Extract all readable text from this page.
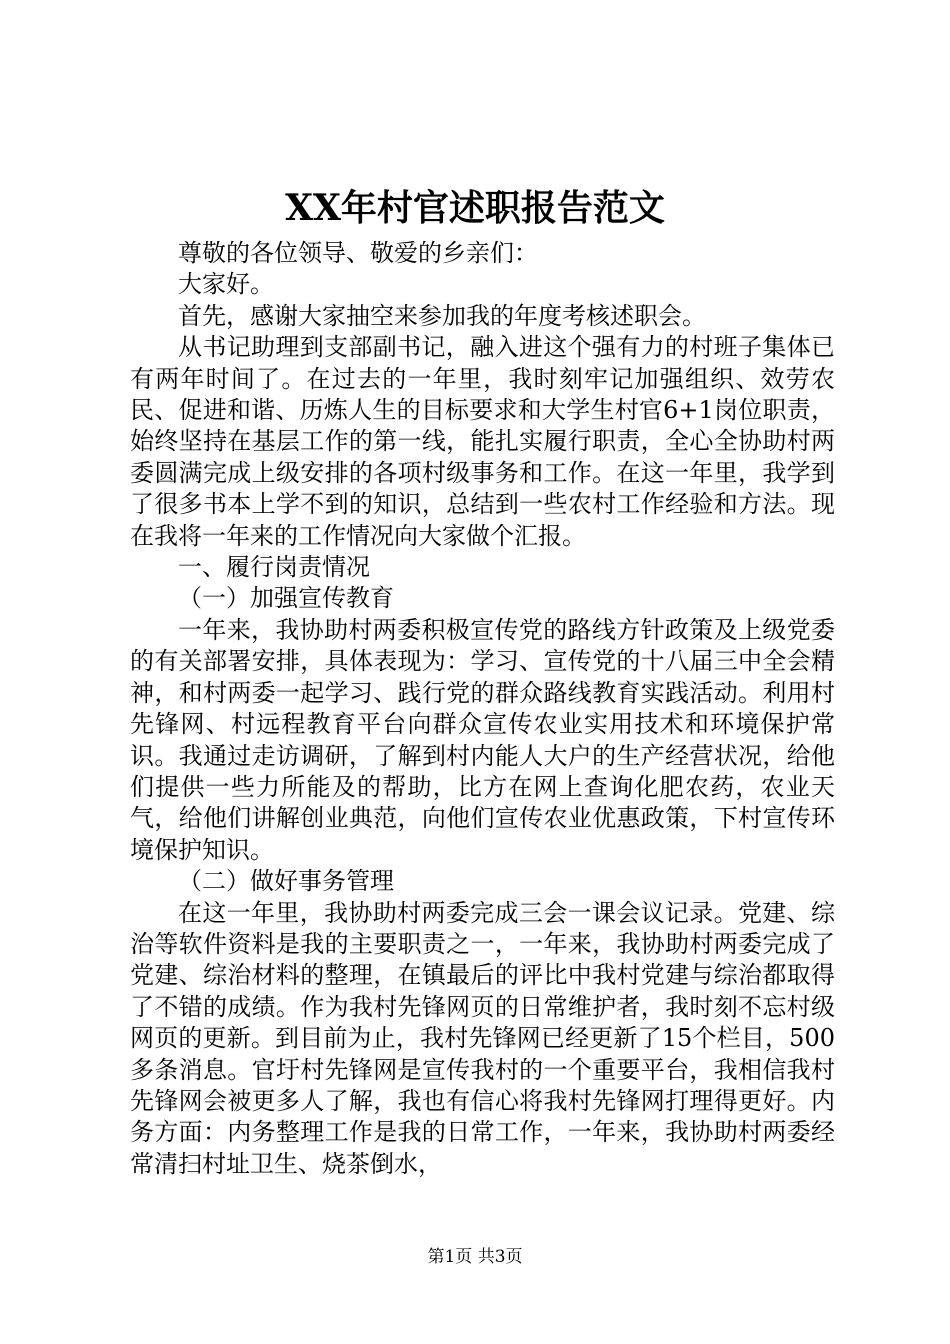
XX年村官述职报告范文

尊敬的各位领导、敬爱的乡亲们：

大家好。

首先，感谢大家抽空来参加我的年度考核述职会。

从书记助理到支部副书记，融入进这个强有力的村班子集体已有两年时间了。在过去的一年里，我时刻牢记加强组织、效劳农民、促进和谐、历炼人生的目标要求和大学生村官6+1岗位职责，始终坚持在基层工作的第一线，能扎实履行职责，全心全协助村两委圆满完成上级安排的各项村级事务和工作。在这一年里，我学到了很多书本上学不到的知识，总结到一些农村工作经验和方法。现在我将一年来的工作情况向大家做个汇报。

一、履行岗责情况

（一）加强宣传教育

一年来，我协助村两委积极宣传党的路线方针政策及上级党委的有关部署安排，具体表现为：学习、宣传党的十八届三中全会精神，和村两委一起学习、践行党的群众路线教育实践活动。利用村先锋网、村远程教育平台向群众宣传农业实用技术和环境保护常识。我通过走访调研，了解到村内能人大户的生产经营状况，给他们提供一些力所能及的帮助，比方在网上查询化肥农药，农业天气，给他们讲解创业典范，向他们宣传农业优惠政策，下村宣传环境保护知识。

（二）做好事务管理

在这一年里，我协助村两委完成三会一课会议记录。党建、综治等软件资料是我的主要职责之一，一年来，我协助村两委完成了党建、综治材料的整理，在镇最后的评比中我村党建与综治都取得了不错的成绩。作为我村先锋网页的日常维护者，我时刻不忘村级网页的更新。到目前为止，我村先锋网已经更新了15个栏目，500多条消息。官圩村先锋网是宣传我村的一个重要平台，我相信我村先锋网会被更多人了解，我也有信心将我村先锋网打理得更好。内务方面：内务整理工作是我的日常工作，一年来，我协助村两委经常清扫村址卫生、烧茶倒水，

第1页 共3页
